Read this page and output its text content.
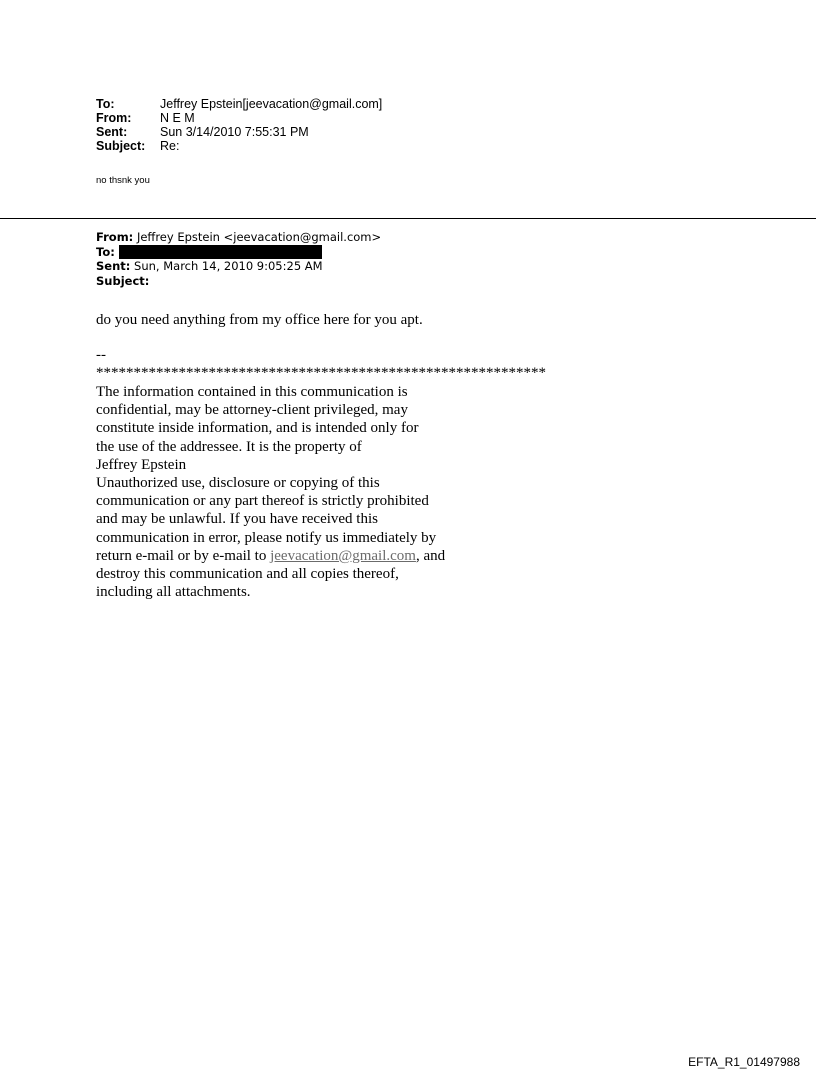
To:	Jeffrey Epstein[jeevacation@gmail.com]
From:	N E M
Sent:	Sun 3/14/2010 7:55:31 PM
Subject:	Re:
no thsnk you
From: Jeffrey Epstein <jeevacation@gmail.com>
To:
Sent: Sun, March 14, 2010 9:05:25 AM
Subject:
do you need anything from my office here for you apt.
--
************************************************************
The information contained in this communication is
confidential, may be attorney-client privileged, may
constitute inside information, and is intended only for
the use of the addressee. It is the property of
Jeffrey Epstein
Unauthorized use, disclosure or copying of this
communication or any part thereof is strictly prohibited
and may be unlawful. If you have received this
communication in error, please notify us immediately by
return e-mail or by e-mail to jeevacation@gmail.com, and
destroy this communication and all copies thereof,
including all attachments.
EFTA_R1_01497988
